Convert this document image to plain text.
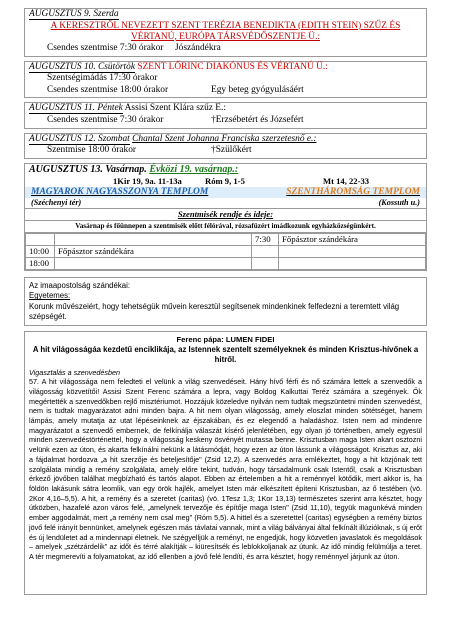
AUGUSZTUS 9. Szerda
A KERESZTRŐL NEVEZETT SZENT TERÉZIA BENEDIKTA (EDITH STEIN) SZŰZ ÉS VÉRTANÚ, EURÓPA TÁRSVÉDŐSZENTJE Ü.:
Csendes szentmise 7:30 órakor	Jószándékra
AUGUSZTUS 10. Csütörtök SZENT LŐRINC DIAKÓNUS ÉS VÉRTANÚ Ü.:
Szentségimádás 17:30 órakor
Csendes szentmise 18:00 órakor	Egy beteg gyógyulásáért
AUGUSZTUS 11. Péntek Assisi Szent Klára szűz E.:
Csendes szentmise 7:30 órakor	†Erzsébetért és Józsefért
AUGUSZTUS 12. Szombat Chantal Szent Johanna Franciska szerzetesnő e.:
Szentmise 18:00 órakor	†Szülőkért
AUGUSZTUS 13. Vasárnap. Évközi 19. vasárnap.:
1Kir 19, 9a. 11-13a	Róm 9, 1-5	Mt 14, 22-33
MAGYAROK NAGYASSZONYA TEMPLOM	SZENTHÁROMSÁG TEMPLOM
(Széchenyi tér)	(Kossuth u.)
Szentmisék rendje és ideje:
Vasárnap és főünnepen a szentmisék előtt félórával, rózsafüzért imádkozunk egyházközségünkért.
		7:30	Főpásztor szándékára
10:00	Főpásztor szándékára		
18:00			
Az imaapostolság szándékai:
Egyetemes:
Korunk művészeiért, hogy tehetségük művein keresztül segítsenek mindenkinek felfedezni a teremtett világ szépségét.
Ferenc pápa: LUMEN FIDEI
A hit világosságáa kezdetű enciklikája, az Istennek szentelt személyeknek és minden Krisztus-hívőnek a hitről.
Vigasztalás a szenvedésben
57. A hit világossága nem feledteti el velünk a világ szenvedéseit. Hány hívő férfi és nő számára lettek a szenvedők a világosság közvetítői! Assisi Szent Ferenc számára a lepra, vagy Boldog Kalkuttai Teréz számára a szegények. Ők megértették a szenvedőkben rejlő misztériumot. Hozzájuk közeledve nyilván nem tudtak megszüntetni minden szenvedést, nem is tudtak magyarázatot adni minden bajra. A hit nem olyan világosság, amely eloszlat minden sötétséget, hanem lámpás, amely mutatja az utat lépéseinknek az éjszakában, és ez elegendő a haladáshoz. Isten nem ad mindenre magyarázatot a szenvedő embernek, de felkínálja válaszát kísérő jelenlétében, egy olyan jó történetben, amely egyesül minden szenvedéstörténettel, hogy a világosság keskeny ösvényét mutassa benne. Krisztusban maga Isten akart osztozni velünk ezen az úton, és akarta felkínálni nekünk a látásmódját, hogy ezen az úton lássunk a világosságot. Krisztus az, aki a fájdalmat hordozva „a hit szerzője és beteljesítője" (Zsid 12,2). A szenvedés arra emlékeztet, hogy a hit közjónak tett szolgálata mindig a remény szolgálata, amely előre tekint, tudván, hogy társadalmunk csak Istentől, csak a Krisztusban érkező jövőben találhat megbízható és tartós alapot. Ebben az értelemben a hit a reménnyel kötődik, mert akkor is, ha földön lakásunk sátra leomlik, van egy örök hajlék, amelyet Isten már elkészített építeni Krisztusban, az ő testében (vö. 2Kor 4,16–5,5). A hit, a remény és a szeretet (caritas) (vö. 1Tesz 1,3; 1Kor 13,13) természetes szerint arra késztet, hogy útközben, hazafelé azon város felé, „amelynek tervezője és építője maga Isten" (Zsid 11,10), tegyük magunkévá minden ember aggodalmát, mert „a remény nem csal meg" (Róm 5,5). A hittel és a szeretettel (caritas) egységben a remény biztos jövő felé irányít bennünket, amelynek egészen más távlatai vannak, mint a világ bálványai által felkínált illúzióknak, s új erőt és új lendületet ad a mindennapi életnek. Ne szégyelljük a reményt, ne engedjük, hogy közvetlen javaslatok és megoldások – amelyek „szétzárdelik" az időt és térré alakítják – kiüresítsék és leblokkoljanak az útunk. Az idő mindig felülmúlja a teret. A tér megmerevíti a folyamatokat, az idő ellenben a jövő felé lendíti, és arra késztet, hogy reménnyel járjunk az úton.
